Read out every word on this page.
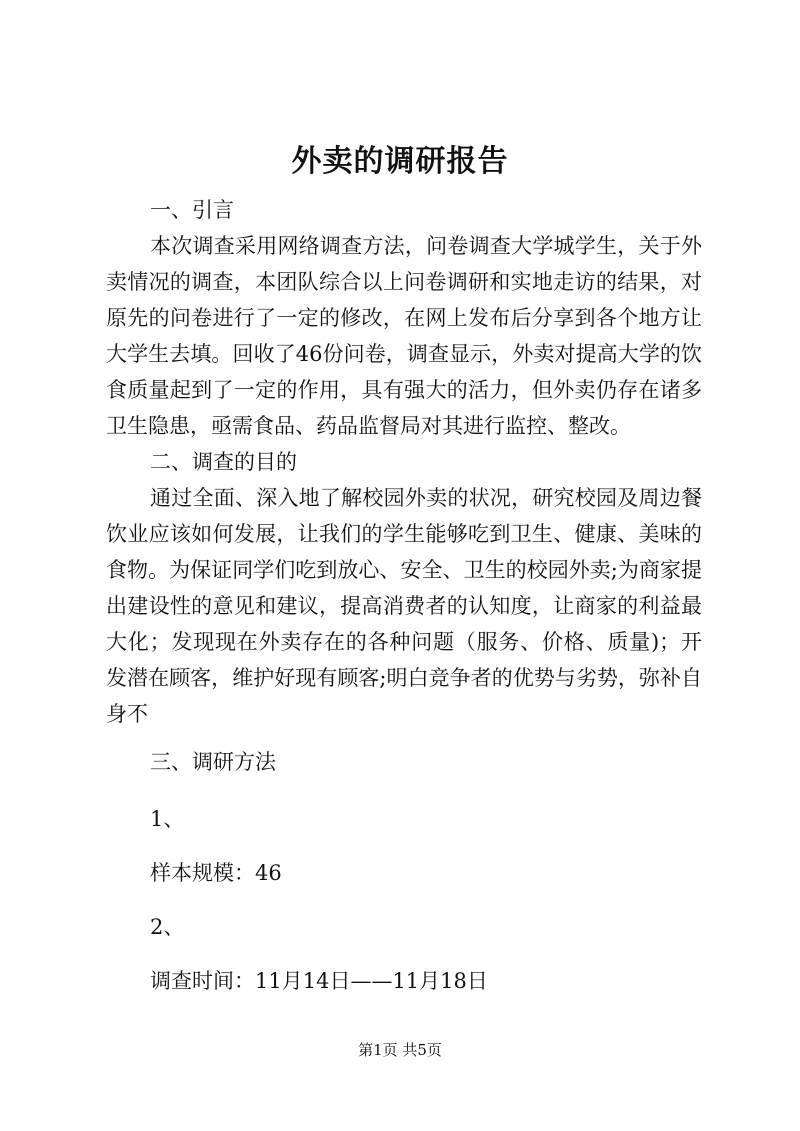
外卖的调研报告

一、引言

本次调查采用网络调查方法，问卷调查大学城学生，关于外卖情况的调查，本团队综合以上问卷调研和实地走访的结果，对原先的问卷进行了一定的修改，在网上发布后分享到各个地方让大学生去填。回收了46份问卷，调查显示，外卖对提高大学的饮食质量起到了一定的作用，具有强大的活力，但外卖仍存在诸多卫生隐患，亟需食品、药品监督局对其进行监控、整改。

二、调查的目的

通过全面、深入地了解校园外卖的状况，研究校园及周边餐饮业应该如何发展，让我们的学生能够吃到卫生、健康、美味的食物。为保证同学们吃到放心、安全、卫生的校园外卖;为商家提出建设性的意见和建议，提高消费者的认知度，让商家的利益最大化；发现现在外卖存在的各种问题（服务、价格、质量)；开发潜在顾客，维护好现有顾客;明白竞争者的优势与劣势，弥补自身不

三、调研方法

1、

样本规模：46

2、

调查时间：11月14日——11月18日

第1页 共5页
